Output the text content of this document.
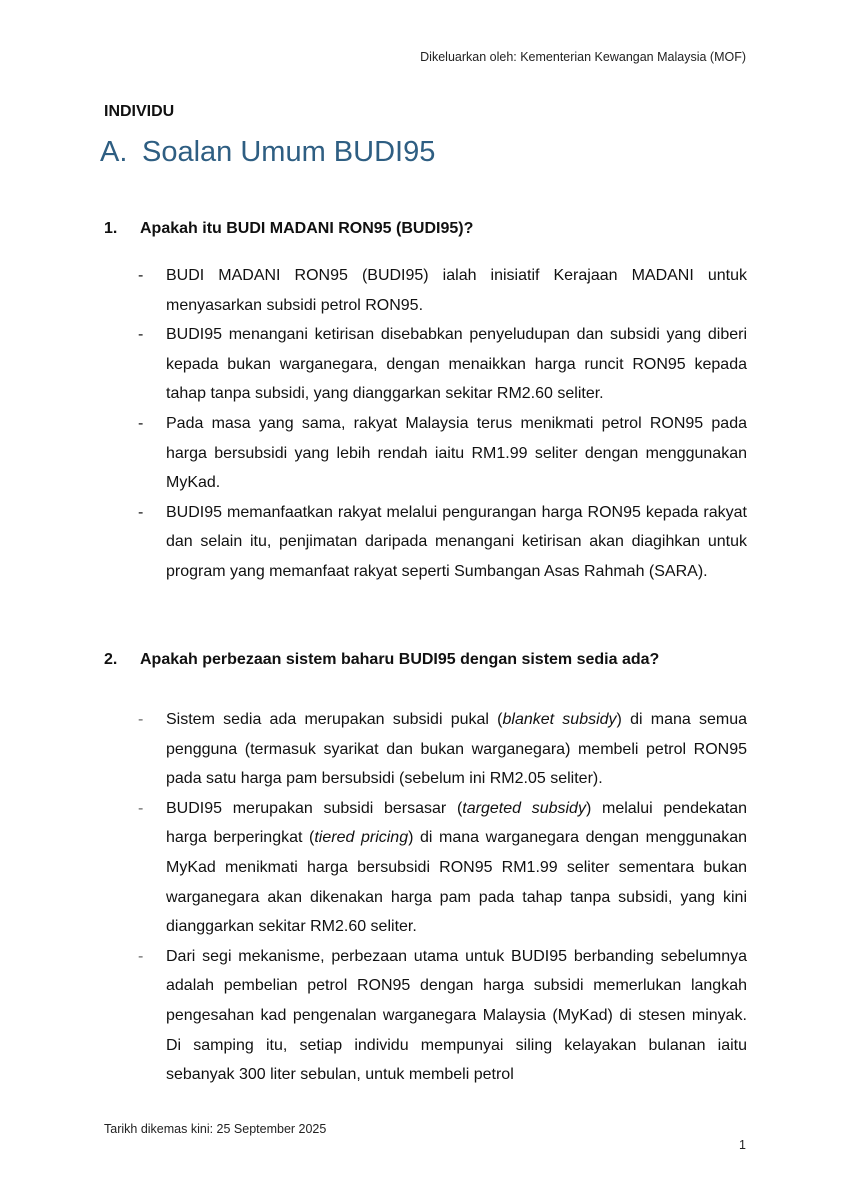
Dikeluarkan oleh: Kementerian Kewangan Malaysia (MOF)
INDIVIDU
A. Soalan Umum BUDI95
1. Apakah itu BUDI MADANI RON95 (BUDI95)?
- BUDI MADANI RON95 (BUDI95) ialah inisiatif Kerajaan MADANI untuk menyasarkan subsidi petrol RON95.
- BUDI95 menangani ketirisan disebabkan penyeludupan dan subsidi yang diberi kepada bukan warganegara, dengan menaikkan harga runcit RON95 kepada tahap tanpa subsidi, yang dianggarkan sekitar RM2.60 seliter.
- Pada masa yang sama, rakyat Malaysia terus menikmati petrol RON95 pada harga bersubsidi yang lebih rendah iaitu RM1.99 seliter dengan menggunakan MyKad.
- BUDI95 memanfaatkan rakyat melalui pengurangan harga RON95 kepada rakyat dan selain itu, penjimatan daripada menangani ketirisan akan diagihkan untuk program yang memanfaat rakyat seperti Sumbangan Asas Rahmah (SARA).
2. Apakah perbezaan sistem baharu BUDI95 dengan sistem sedia ada?
- Sistem sedia ada merupakan subsidi pukal (blanket subsidy) di mana semua pengguna (termasuk syarikat dan bukan warganegara) membeli petrol RON95 pada satu harga pam bersubsidi (sebelum ini RM2.05 seliter).
- BUDI95 merupakan subsidi bersasar (targeted subsidy) melalui pendekatan harga berperingkat (tiered pricing) di mana warganegara dengan menggunakan MyKad menikmati harga bersubsidi RON95 RM1.99 seliter sementara bukan warganegara akan dikenakan harga pam pada tahap tanpa subsidi, yang kini dianggarkan sekitar RM2.60 seliter.
- Dari segi mekanisme, perbezaan utama untuk BUDI95 berbanding sebelumnya adalah pembelian petrol RON95 dengan harga subsidi memerlukan langkah pengesahan kad pengenalan warganegara Malaysia (MyKad) di stesen minyak. Di samping itu, setiap individu mempunyai siling kelayakan bulanan iaitu sebanyak 300 liter sebulan, untuk membeli petrol
Tarikh dikemas kini: 25 September 2025
1
